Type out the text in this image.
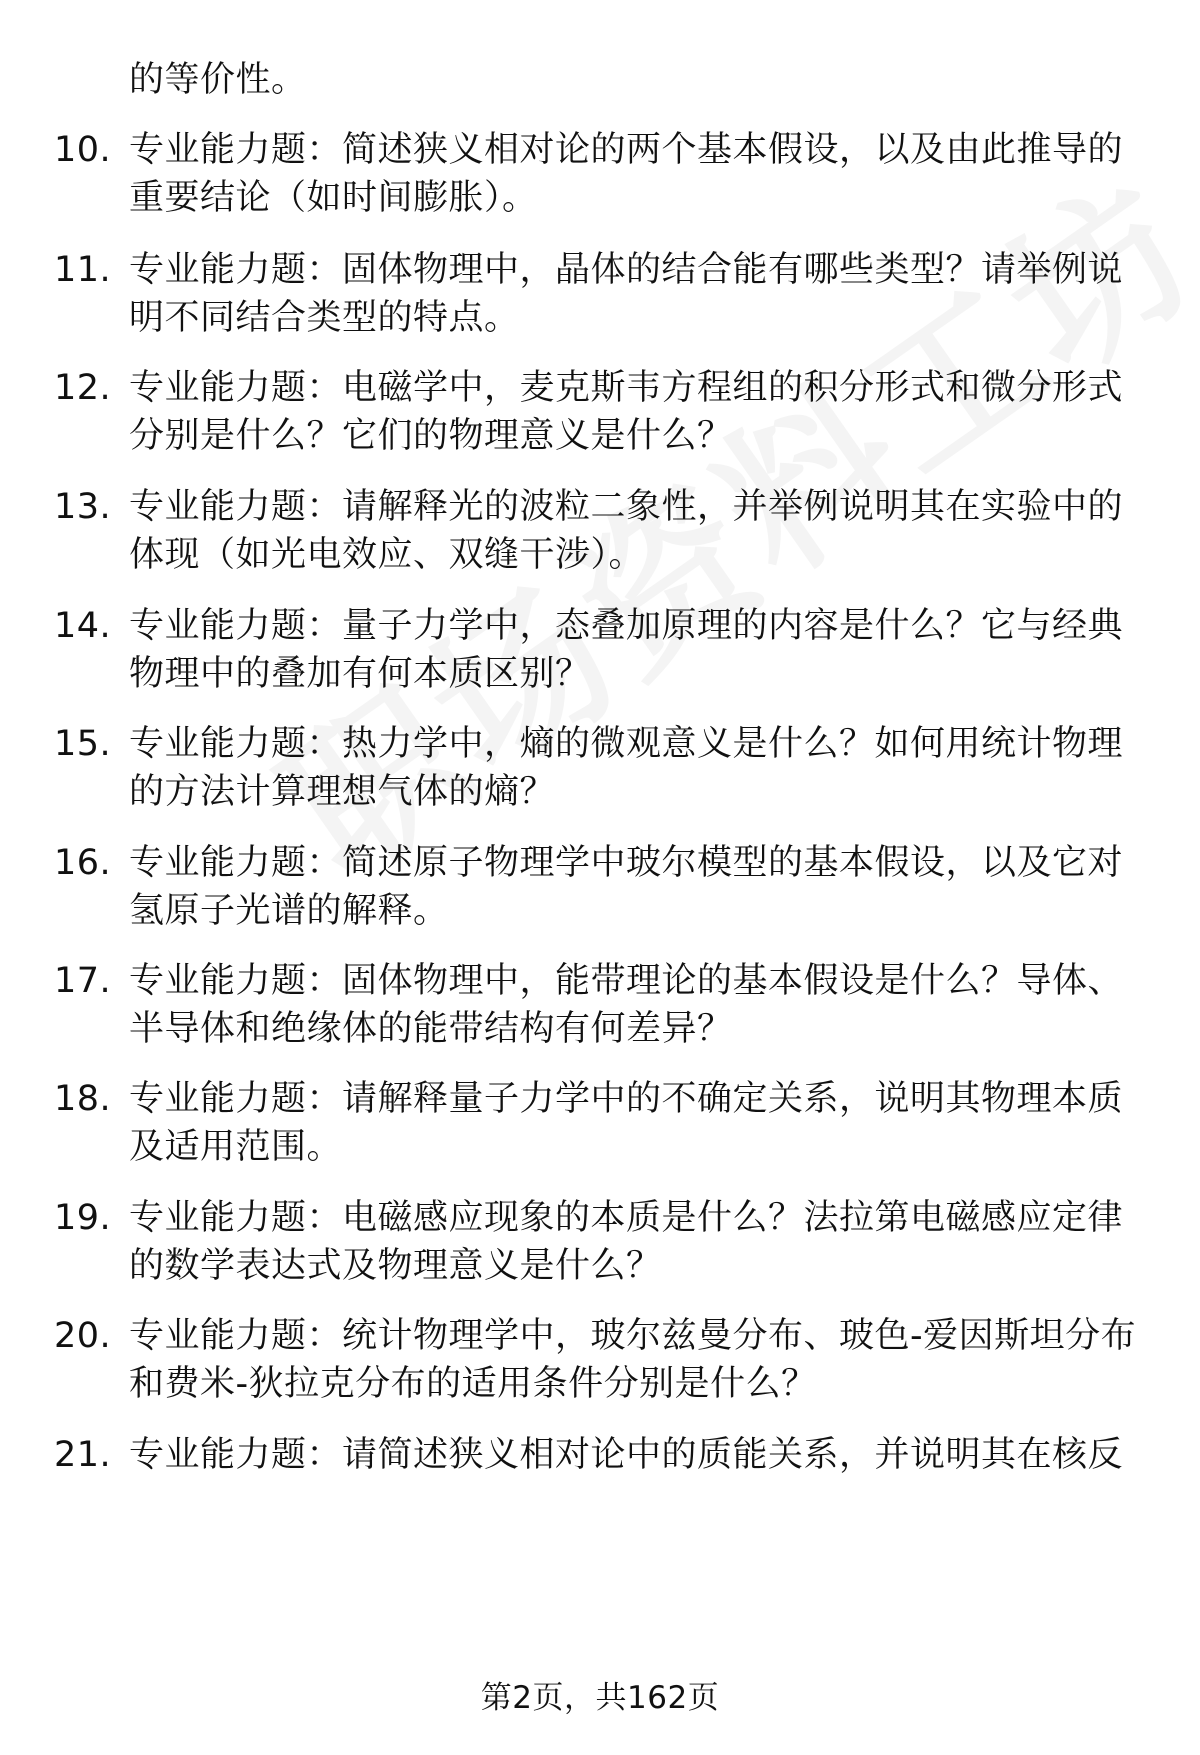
的等价性。
10. 专业能力题：简述狭义相对论的两个基本假设，以及由此推导的
重要结论（如时间膨胀）。
11. 专业能力题：固体物理中，晶体的结合能有哪些类型？请举例说
明不同结合类型的特点。
12. 专业能力题：电磁学中，麦克斯韦方程组的积分形式和微分形式
分别是什么？它们的物理意义是什么？
13. 专业能力题：请解释光的波粒二象性，并举例说明其在实验中的
体现（如光电效应、双缝干涉）。
14. 专业能力题：量子力学中，态叠加原理的内容是什么？它与经典
物理中的叠加有何本质区别？
15. 专业能力题：热力学中，熵的微观意义是什么？如何用统计物理
的方法计算理想气体的熵？
16. 专业能力题：简述原子物理学中玻尔模型的基本假设，以及它对
氢原子光谱的解释。
17. 专业能力题：固体物理中，能带理论的基本假设是什么？导体、
半导体和绝缘体的能带结构有何差异？
18. 专业能力题：请解释量子力学中的不确定关系，说明其物理本质
及适用范围。
19. 专业能力题：电磁感应现象的本质是什么？法拉第电磁感应定律
的数学表达式及物理意义是什么？
20. 专业能力题：统计物理学中，玻尔兹曼分布、玻色-爱因斯坦分布
和费米-狄拉克分布的适用条件分别是什么？
21. 专业能力题：请简述狭义相对论中的质能关系，并说明其在核反
第2页，共162页
